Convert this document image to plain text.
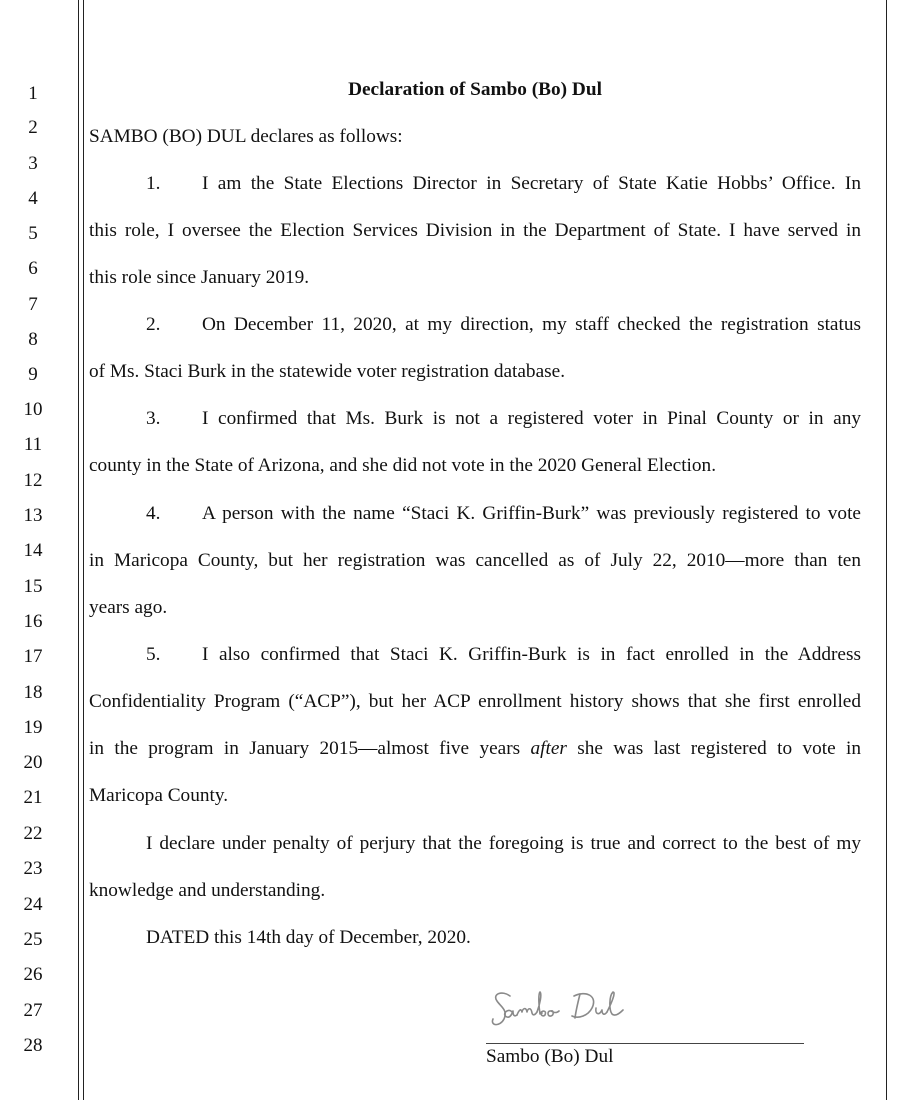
1
2
3
4
5
6
7
8
9
10
11
12
13
14
15
16
17
18
19
20
21
22
23
24
25
26
27
28
Declaration of Sambo (Bo) Dul
SAMBO (BO) DUL declares as follows:
1. I am the State Elections Director in Secretary of State Katie Hobbs’ Office. In
this role, I oversee the Election Services Division in the Department of State. I have served in
this role since January 2019.
2. On December 11, 2020, at my direction, my staff checked the registration status
of Ms. Staci Burk in the statewide voter registration database.
3. I confirmed that Ms. Burk is not a registered voter in Pinal County or in any
county in the State of Arizona, and she did not vote in the 2020 General Election.
4. A person with the name “Staci K. Griffin-Burk” was previously registered to vote
in Maricopa County, but her registration was cancelled as of July 22, 2010—more than ten
years ago.
5. I also confirmed that Staci K. Griffin-Burk is in fact enrolled in the Address
Confidentiality Program (“ACP”), but her ACP enrollment history shows that she first enrolled
in the program in January 2015—almost five years after she was last registered to vote in
Maricopa County.
I declare under penalty of perjury that the foregoing is true and correct to the best of my
knowledge and understanding.
DATED this 14th day of December, 2020.
Sambo (Bo) Dul
